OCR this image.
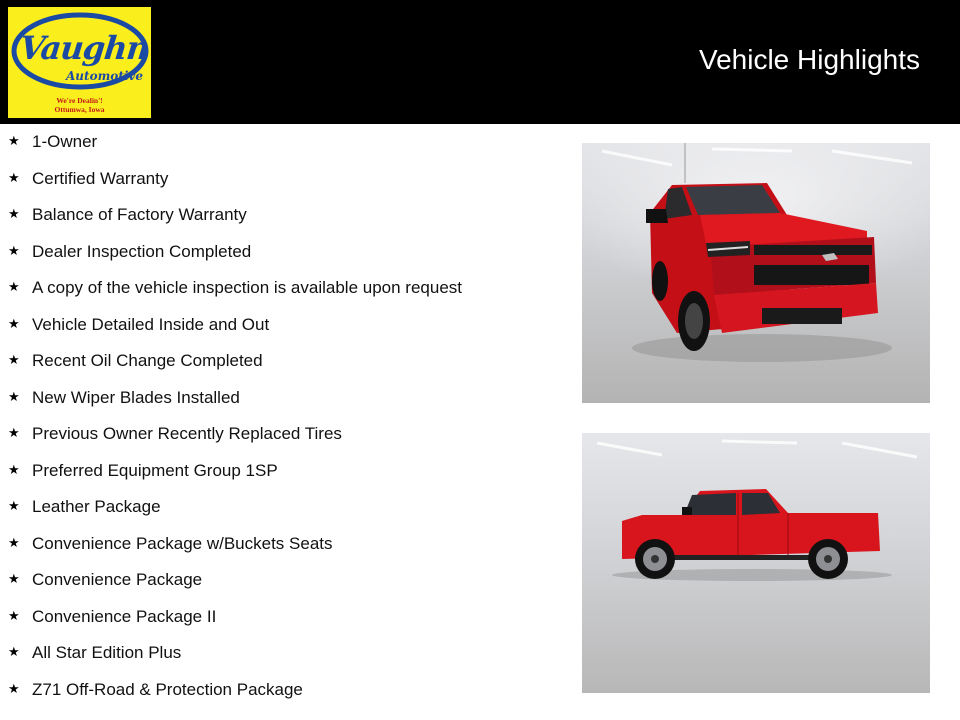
Vaughn
Automotive
We're Dealin'!
Ottumwa, Iowa
Vehicle Highlights
★ 1-Owner
★ Certified Warranty
★ Balance of Factory Warranty
★ Dealer Inspection Completed
★ A copy of the vehicle inspection is available upon request
★ Vehicle Detailed Inside and Out
★ Recent Oil Change Completed
★ New Wiper Blades Installed
★ Previous Owner Recently Replaced Tires
★ Preferred Equipment Group 1SP
★ Leather Package
★ Convenience Package w/Buckets Seats
★ Convenience Package
★ Convenience Package II
★ All Star Edition Plus
★ Z71 Off-Road & Protection Package
